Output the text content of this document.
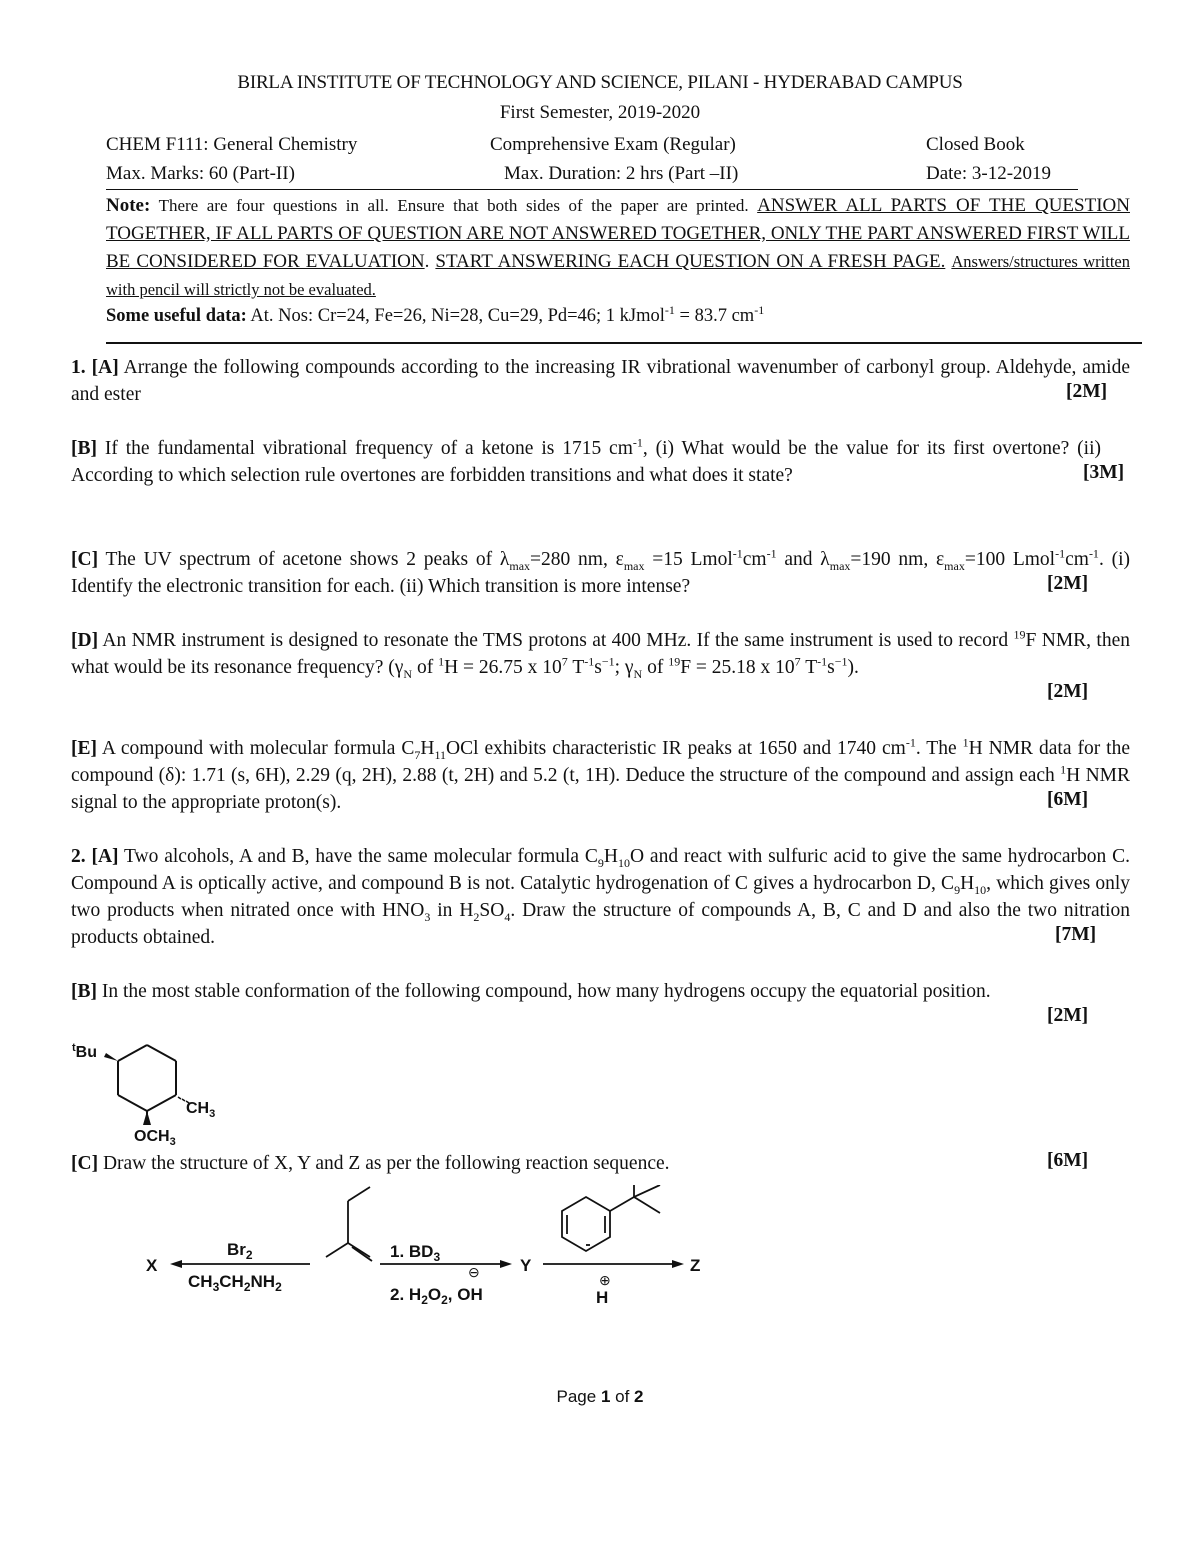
BIRLA INSTITUTE OF TECHNOLOGY AND SCIENCE, PILANI - HYDERABAD CAMPUS
First Semester, 2019-2020
CHEM F111: General Chemistry	Comprehensive Exam (Regular)	Closed Book
Max. Marks: 60 (Part-II)	Max. Duration: 2 hrs (Part –II)	Date: 3-12-2019
Note: There are four questions in all. Ensure that both sides of the paper are printed. ANSWER ALL PARTS OF THE QUESTION TOGETHER, IF ALL PARTS OF QUESTION ARE NOT ANSWERED TOGETHER, ONLY THE PART ANSWERED FIRST WILL BE CONSIDERED FOR EVALUATION. START ANSWERING EACH QUESTION ON A FRESH PAGE. Answers/structures written with pencil will strictly not be evaluated.
Some useful data: At. Nos: Cr=24, Fe=26, Ni=28, Cu=29, Pd=46; 1 kJmol$^{-1}$ = 83.7 $cm^{-1}$
1. [A] Arrange the following compounds according to the increasing IR vibrational wavenumber of carbonyl group. Aldehyde, amide and ester	[2M]
[B] If the fundamental vibrational frequency of a ketone is 1715 $cm^{-1}$, (i) What would be the value for its first overtone? (ii) According to which selection rule overtones are forbidden transitions and what does it state?	[3M]
[C] The UV spectrum of acetone shows 2 peaks of $\lambda_{max}=280$ nm, $\varepsilon_{max} =15$ $Lmol^{-1}cm^{-1}$ and $\lambda_{max}=190$ nm, $\varepsilon_{max}=100$ $Lmol^{-1}cm^{-1}$. (i) Identify the electronic transition for each. (ii) Which transition is more intense?	[2M]
[D] An NMR instrument is designed to resonate the TMS protons at 400 MHz. If the same instrument is used to record $^{19}$F NMR, then what would be its resonance frequency? ($\gamma_N$ of $^1$H = 26.75 x $10^7$ $T^{-1}s^{-1}$; $\gamma_N$ of $^{19}$F = 25.18 x $10^7$ $T^{-1}s^{-1}$).
[2M]
[E] A compound with molecular formula $C_7H_{11}OCl$ exhibits characteristic IR peaks at 1650 and 1740 $cm^{-1}$. The $^1$H NMR data for the compound (δ): 1.71 (s, 6H), 2.29 (q, 2H), 2.88 (t, 2H) and 5.2 (t, 1H). Deduce the structure of the compound and assign each $^1$H NMR signal to the appropriate proton(s).	[6M]
2. [A] Two alcohols, A and B, have the same molecular formula $C_9H_{10}O$ and react with sulfuric acid to give the same hydrocarbon C. Compound A is optically active, and compound B is not. Catalytic hydrogenation of C gives a hydrocarbon D, $C_9H_{10}$, which gives only two products when nitrated once with $HNO_3$ in $H_2SO_4$. Draw the structure of compounds A, B, C and D and also the two nitration products obtained.	[7M]
[B] In the most stable conformation of the following compound, how many hydrogens occupy the equatorial position.
[2M]
$^t$Bu
$CH_3$
$OCH_3$
[C] Draw the structure of X, Y and Z as per the following reaction sequence.	[6M]
X
$Br_2$
$CH_3CH_2NH_2$
1. $BD_3$
⊖
2. $H_2O_2$, OH
Y
⊕
H
Z
Page 1 of 2
